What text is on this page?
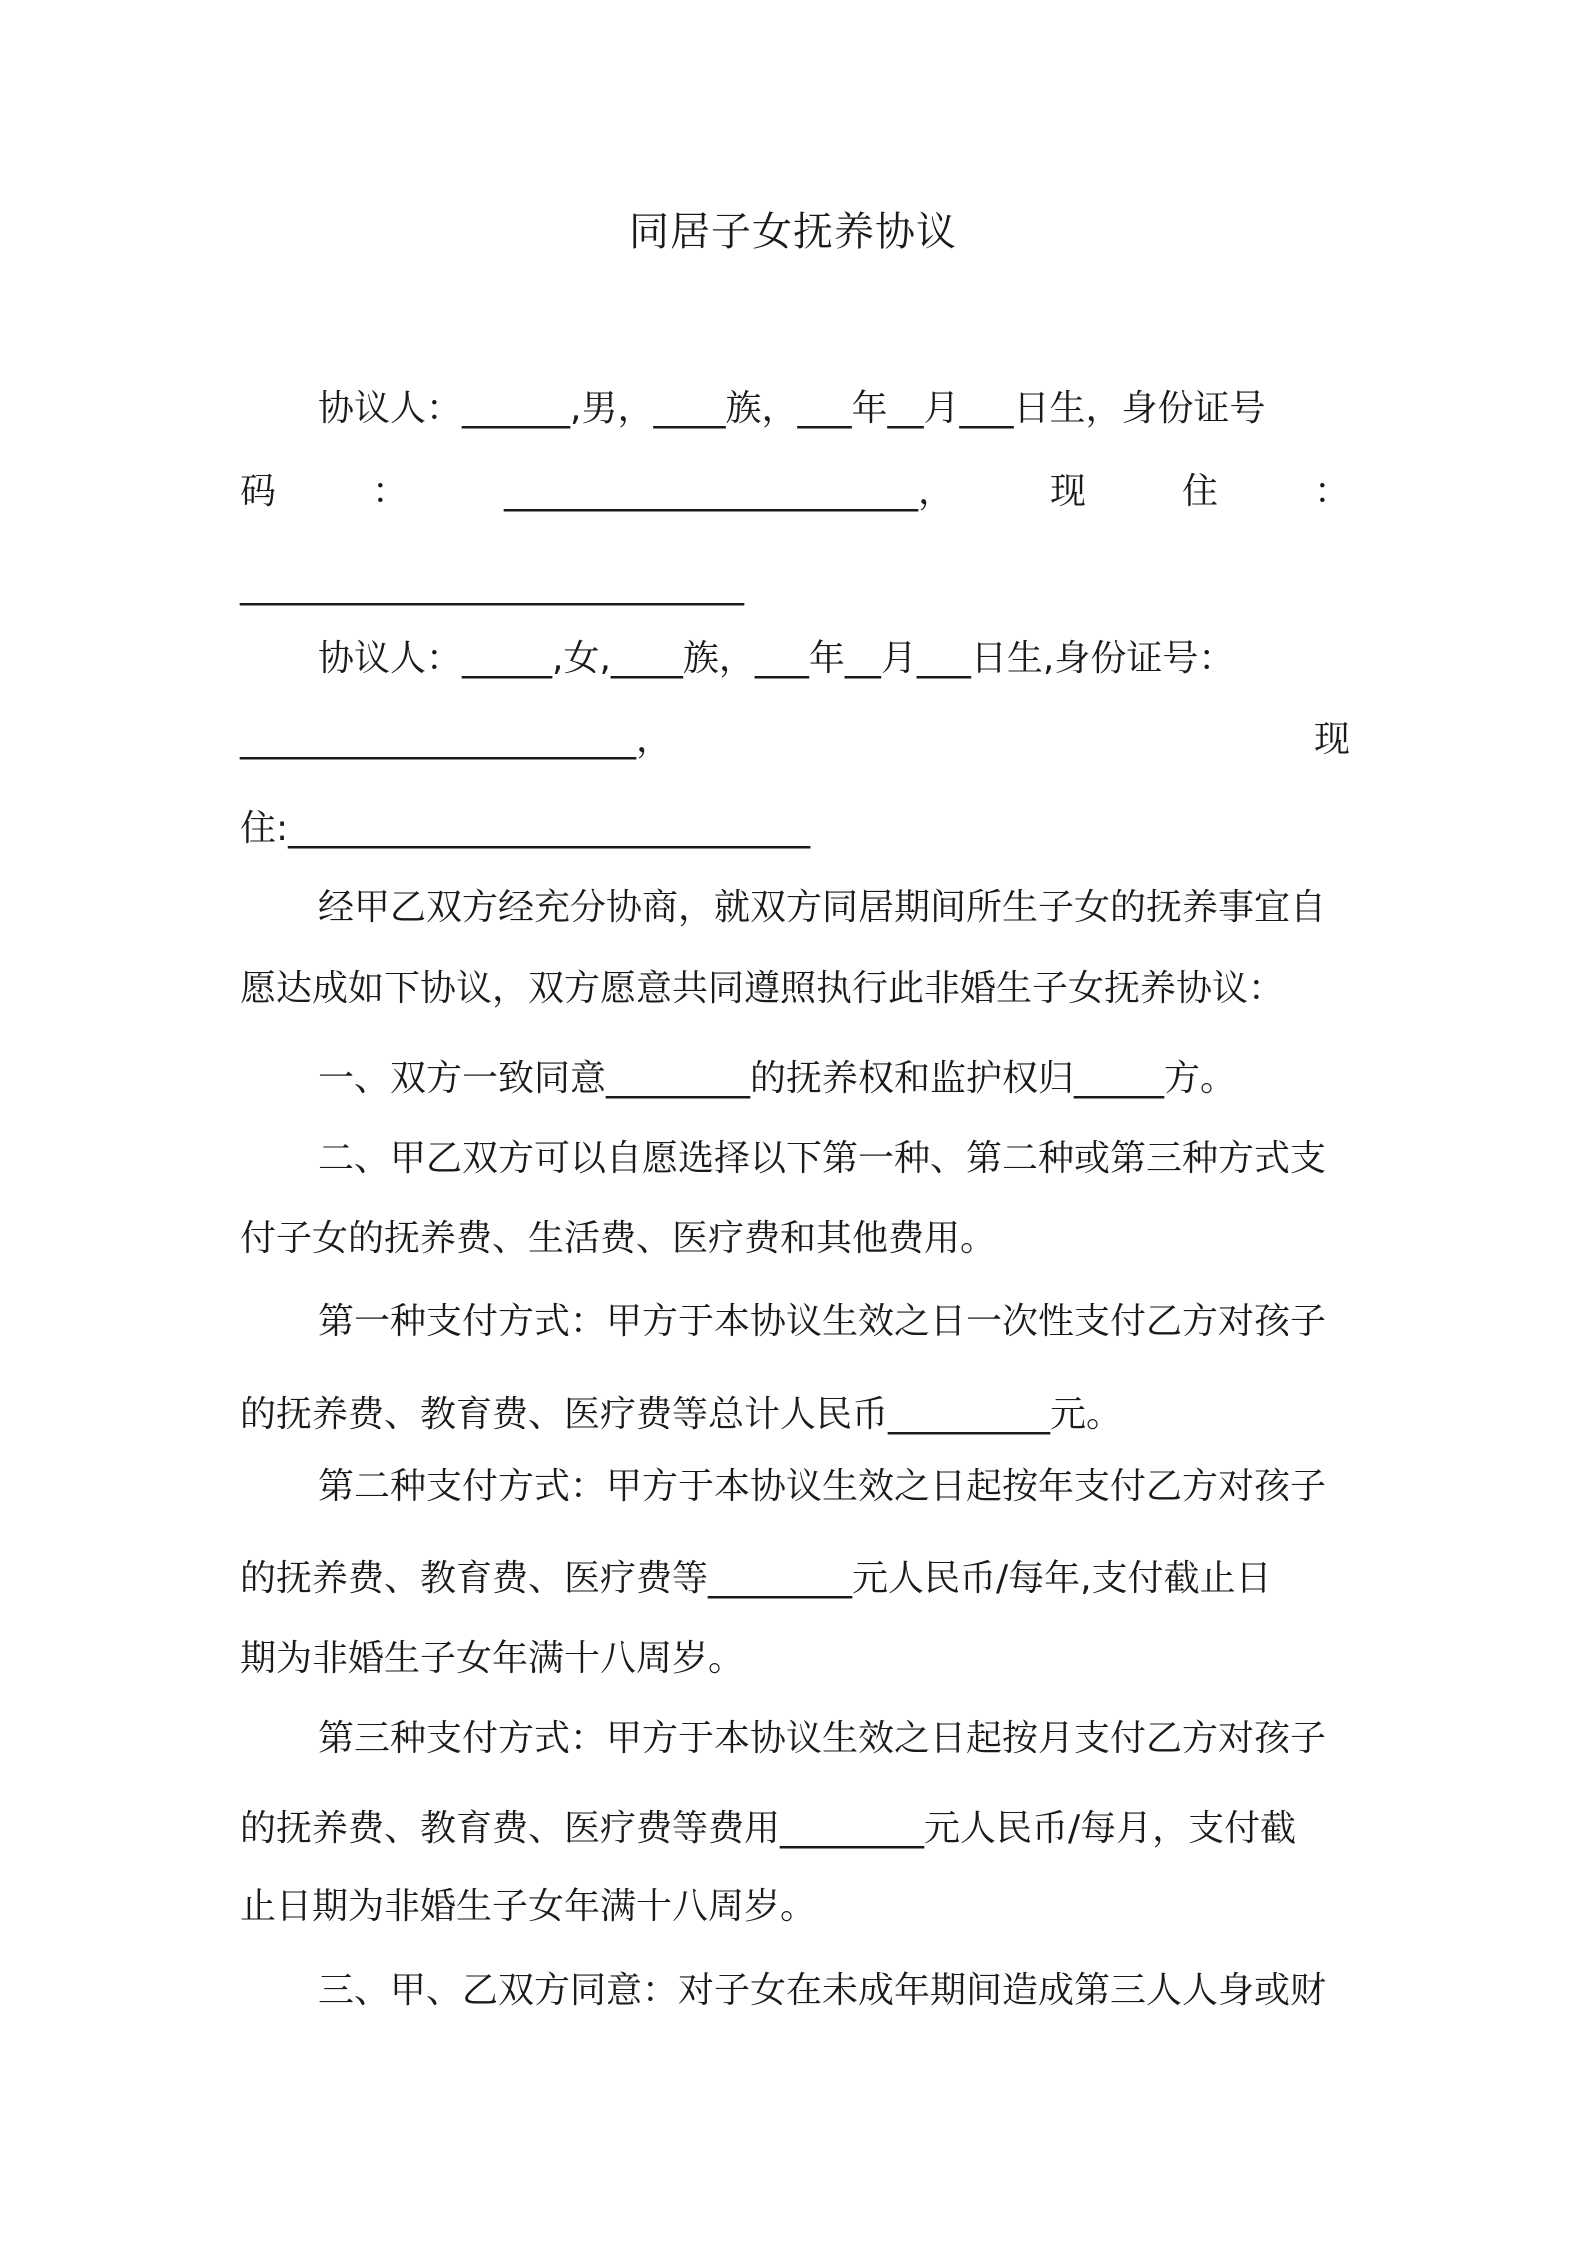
同居子女抚养协议
协议人：______,男，____族，___年__月___日生，身份证号
码	：	_______________________，	现	住	：
____________________________
协议人：_____,女,____族，___年__月___日生,身份证号：
______________________，	现
住:_____________________________
经甲乙双方经充分协商，就双方同居期间所生子女的抚养事宜自
愿达成如下协议，双方愿意共同遵照执行此非婚生子女抚养协议：
一、双方一致同意________的抚养权和监护权归_____方。
二、甲乙双方可以自愿选择以下第一种、第二种或第三种方式支
付子女的抚养费、生活费、医疗费和其他费用。
第一种支付方式：甲方于本协议生效之日一次性支付乙方对孩子
的抚养费、教育费、医疗费等总计人民币_________元。
第二种支付方式：甲方于本协议生效之日起按年支付乙方对孩子
的抚养费、教育费、医疗费等________元人民币/每年,支付截止日
期为非婚生子女年满十八周岁。
第三种支付方式：甲方于本协议生效之日起按月支付乙方对孩子
的抚养费、教育费、医疗费等费用________元人民币/每月，支付截
止日期为非婚生子女年满十八周岁。
三、甲、乙双方同意：对子女在未成年期间造成第三人人身或财
